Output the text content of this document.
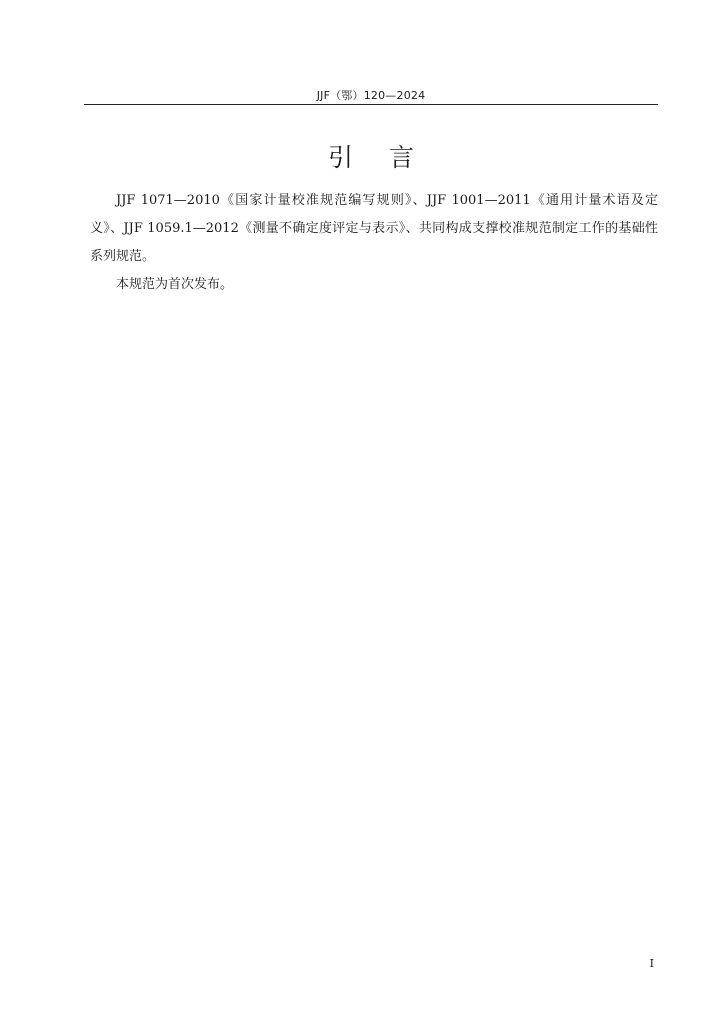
JJF（鄂）120—2024
引言

JJF 1071—2010《国家计量校准规范编写规则》、JJF 1001—2011《通用计量术语及定义》、JJF 1059.1—2012《测量不确定度评定与表示》、共同构成支撑校准规范制定工作的基础性系列规范。

本规范为首次发布。

I
